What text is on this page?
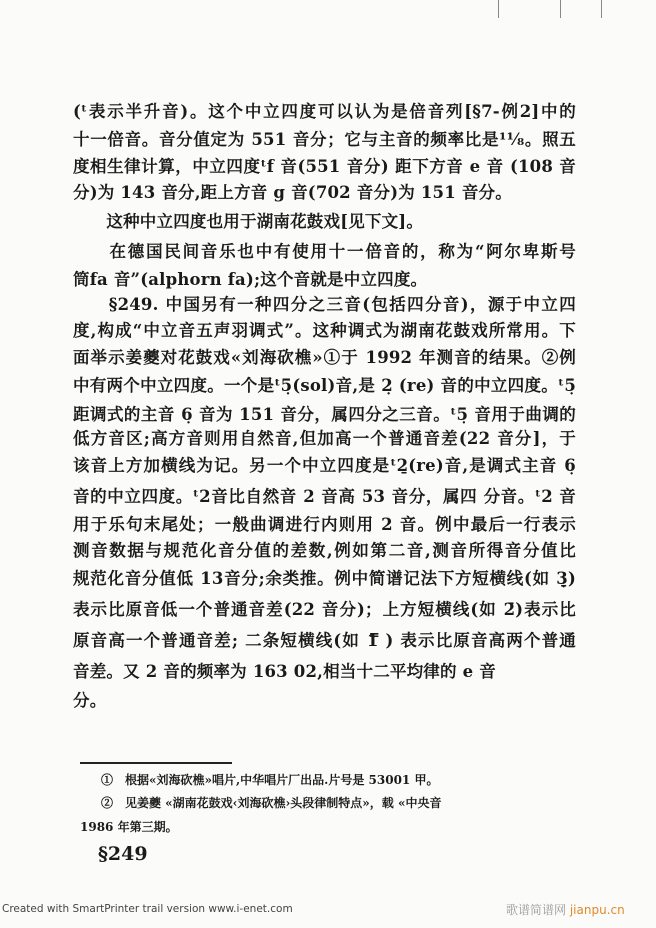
(ᵗ表示半升音)。这个中立四度可以认为是倍音列[§7-例2]中的
十一倍音。音分值定为 551 音分；它与主音的频率比是¹¹⁄₈。照五
度相生律计算，中立四度ᵗf 音(551 音分) 距下方音 e 音 (108 音
分)为 143 音分,距上方音 g 音(702 音分)为 151 音分。
　　这种中立四度也用于湖南花鼓戏[见下文]。
　　在德国民间音乐也中有使用十一倍音的，称为“阿尔卑斯号
筒fa 音”(alphorn fa);这个音就是中立四度。
　　§249. 中国另有一种四分之三音(包括四分音)，源于中立四
度,构成“中立音五声羽调式”。这种调式为湖南花鼓戏所常用。下
面举示姜夔对花鼓戏«刘海砍樵»①于 1992 年测音的结果。②例
中有两个中立四度。一个是ᵗ5̣(sol)音,是 2̣ (re) 音的中立四度。ᵗ5̣
距调式的主音 6̣ 音为 151 音分，属四分之三音。ᵗ5̣ 音用于曲调的
低方音区;高方音则用自然音,但加高一个普通音差(22 音分]，于
该音上方加横线为记。另一个中立四度是ᵗ2̱(re)音,是调式主音 6̣
音的中立四度。ᵗ2音比自然音 2 音高 53 音分，属四 分音。ᵗ2 音
用于乐句末尾处；一般曲调进行内则用 2 音。例中最后一行表示
测音数据与规范化音分值的差数,例如第二音,测音所得音分值比
规范化音分值低 13音分;余类推。例中简谱记法下方短横线(如 3̱̣)
表示比原音低一个普通音差(22 音分)；上方短横线(如 2̄)表示比
原音高一个普通音差; 二条短横线(如 1̿ ) 表示比原音高两个普通
音差。又 2 音的频率为 163 02,相当十二平均律的 e 音
分。
①　根据«刘海砍樵»唱片,中华唱片厂出品.片号是 53001 甲。
②　见姜夔 «湖南花鼓戏‹刘海砍樵›头段律制特点»，载 «中央音
1986 年第三期。
§249
Created with SmartPrinter trail version www.i-enet.com	歌谱简谱网 jianpu.cn
